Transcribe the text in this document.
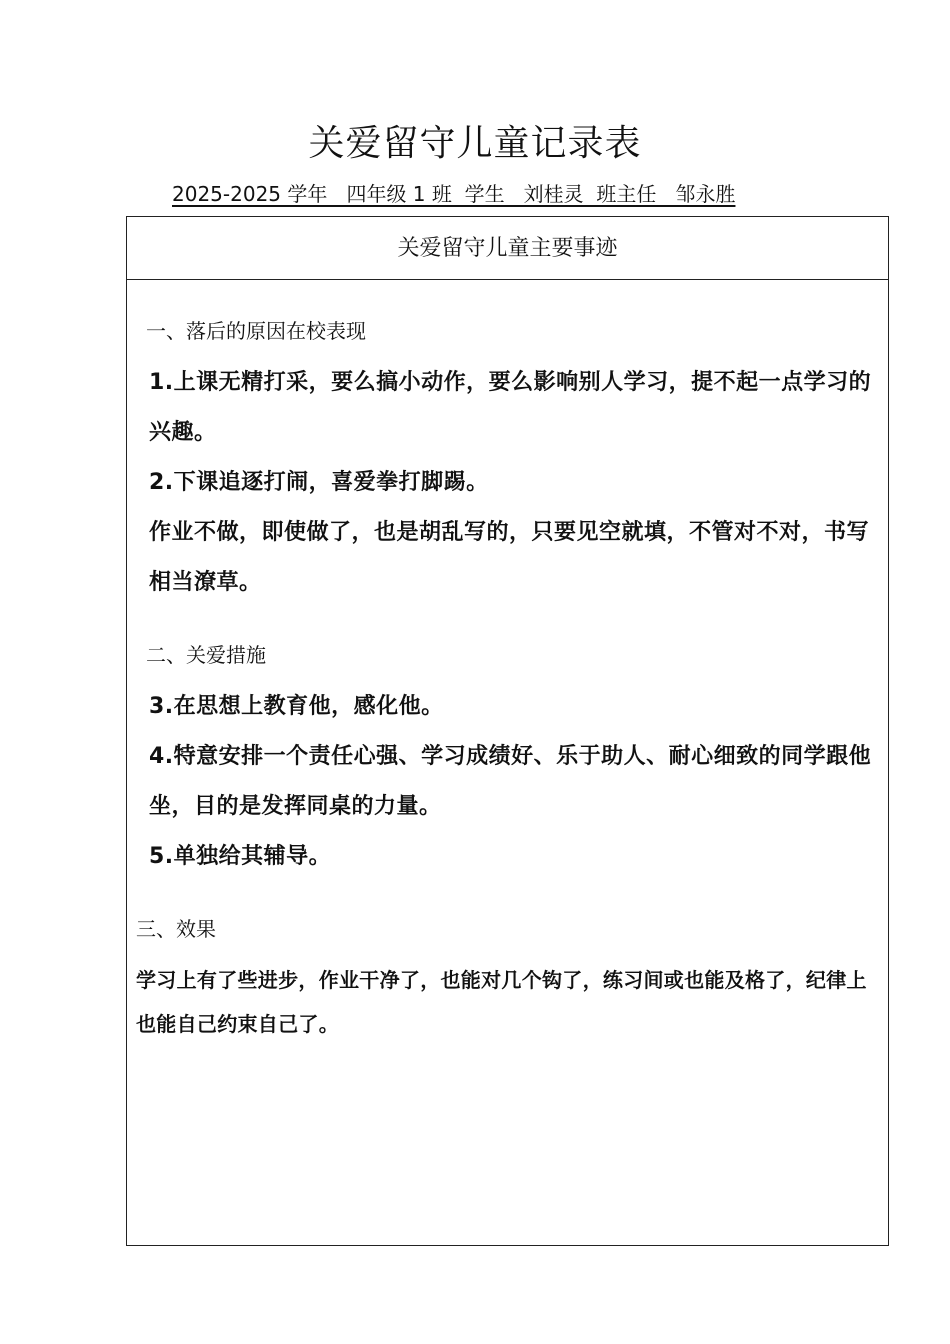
关爱留守儿童记录表
2025-2025 学年   四年级 1 班  学生   刘桂灵  班主任   邹永胜
关爱留守儿童主要事迹
一、落后的原因在校表现
1.上课无精打采，要么搞小动作，要么影响别人学习，提不起一点学习的兴趣。
2.下课追逐打闹，喜爱拳打脚踢。
作业不做，即使做了，也是胡乱写的，只要见空就填，不管对不对，书写相当潦草。
二、关爱措施
3.在思想上教育他，感化他。
4.特意安排一个责任心强、学习成绩好、乐于助人、耐心细致的同学跟他坐，目的是发挥同桌的力量。
5.单独给其辅导。
三、效果
学习上有了些进步，作业干净了，也能对几个钩了，练习间或也能及格了，纪律上也能自己约束自己了。
